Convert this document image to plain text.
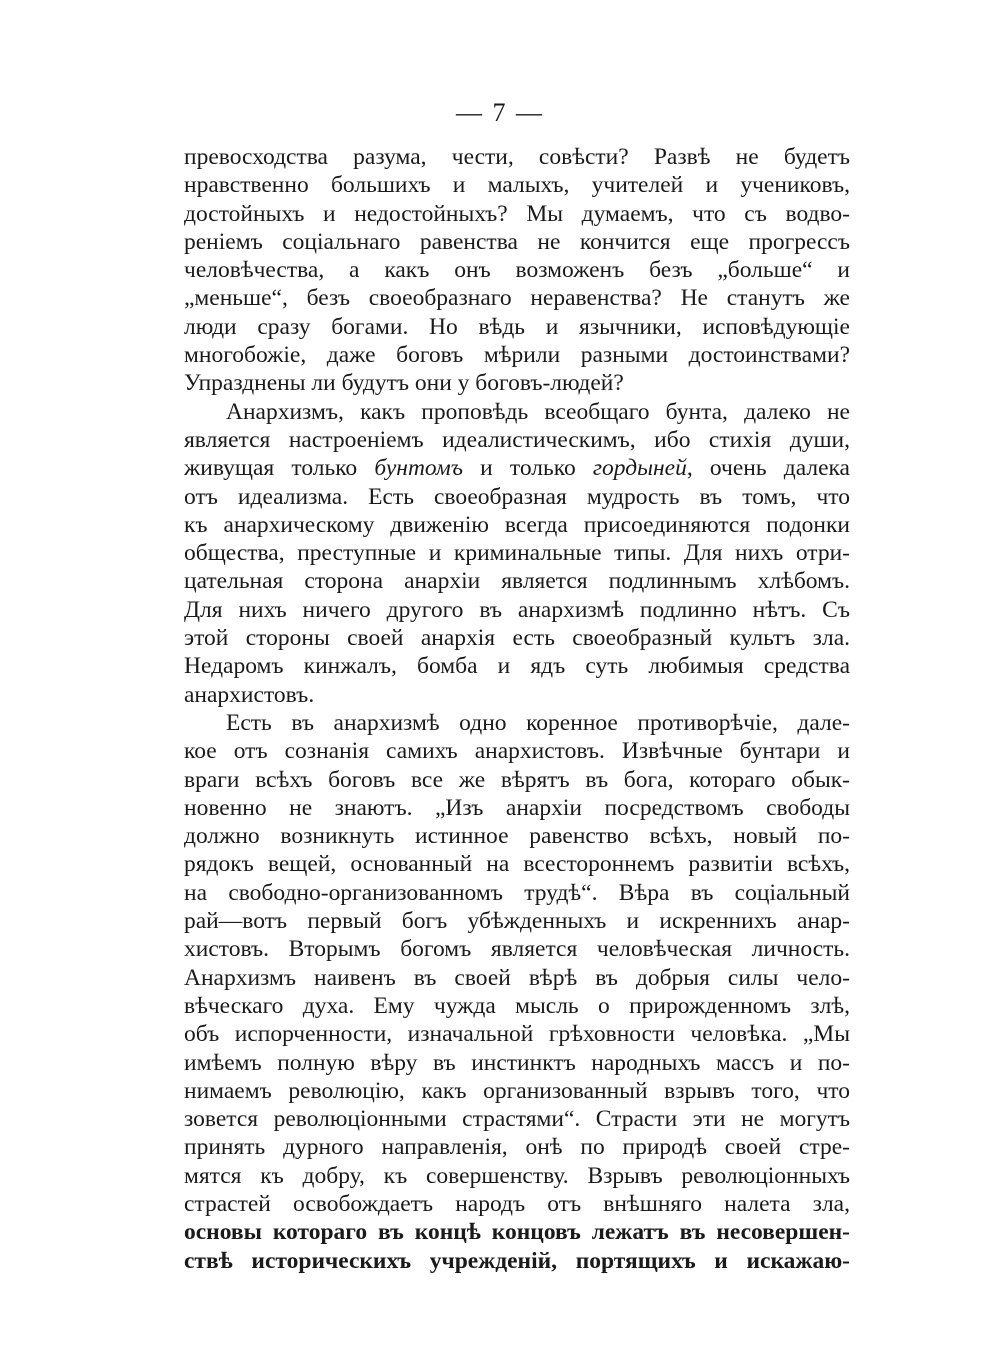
— 7 —
превосходства разума, чести, совѣсти? Развѣ не будетъ
нравственно большихъ и малыхъ, учителей и учениковъ,
достойныхъ и недостойныхъ? Мы думаемъ, что съ водво-
реніемъ соціальнаго равенства не кончится еще прогрессъ
человѣчества, а какъ онъ возможенъ безъ „больше“ и
„меньше“, безъ своеобразнаго неравенства? Не станутъ же
люди сразу богами. Но вѣдь и язычники, исповѣдующіе
многобожіе, даже боговъ мѣрили разными достоинствами?
Упразднены ли будутъ они у боговъ-людей?
Анархизмъ, какъ проповѣдь всеобщаго бунта, далеко не
является настроеніемъ идеалистическимъ, ибо стихія души,
живущая только бунтомъ и только гордыней, очень далека
отъ идеализма. Есть своеобразная мудрость въ томъ, что
къ анархическому движенію всегда присоединяются подонки
общества, преступные и криминальные типы. Для нихъ отри-
цательная сторона анархіи является подлиннымъ хлѣбомъ.
Для нихъ ничего другого въ анархизмѣ подлинно нѣтъ. Съ
этой стороны своей анархія есть своеобразный культъ зла.
Недаромъ кинжалъ, бомба и ядъ суть любимыя средства
анархистовъ.
Есть въ анархизмѣ одно коренное противорѣчіе, дале-
кое отъ сознанія самихъ анархистовъ. Извѣчные бунтари и
враги всѣхъ боговъ все же вѣрятъ въ бога, котораго обык-
новенно не знаютъ. „Изъ анархіи посредствомъ свободы
должно возникнуть истинное равенство всѣхъ, новый по-
рядокъ вещей, основанный на всестороннемъ развитіи всѣхъ,
на свободно-организованномъ трудѣ“. Вѣра въ соціальный
рай—вотъ первый богъ убѣжденныхъ и искреннихъ анар-
хистовъ. Вторымъ богомъ является человѣческая личность.
Анархизмъ наивенъ въ своей вѣрѣ въ добрыя силы чело-
вѣческаго духа. Ему чужда мысль о прирожденномъ злѣ,
объ испорченности, изначальной грѣховности человѣка. „Мы
имѣемъ полную вѣру въ инстинктъ народныхъ массъ и по-
нимаемъ революцію, какъ организованный взрывъ того, что
зовется революціонными страстями“. Страсти эти не могутъ
принять дурного направленія, онѣ по природѣ своей стре-
мятся къ добру, къ совершенству. Взрывъ революціонныхъ
страстей освобождаетъ народъ отъ внѣшняго налета зла,
основы котораго въ концѣ концовъ лежатъ въ несовершен-
ствѣ историческихъ учрежденій, портящихъ и искажаю-
